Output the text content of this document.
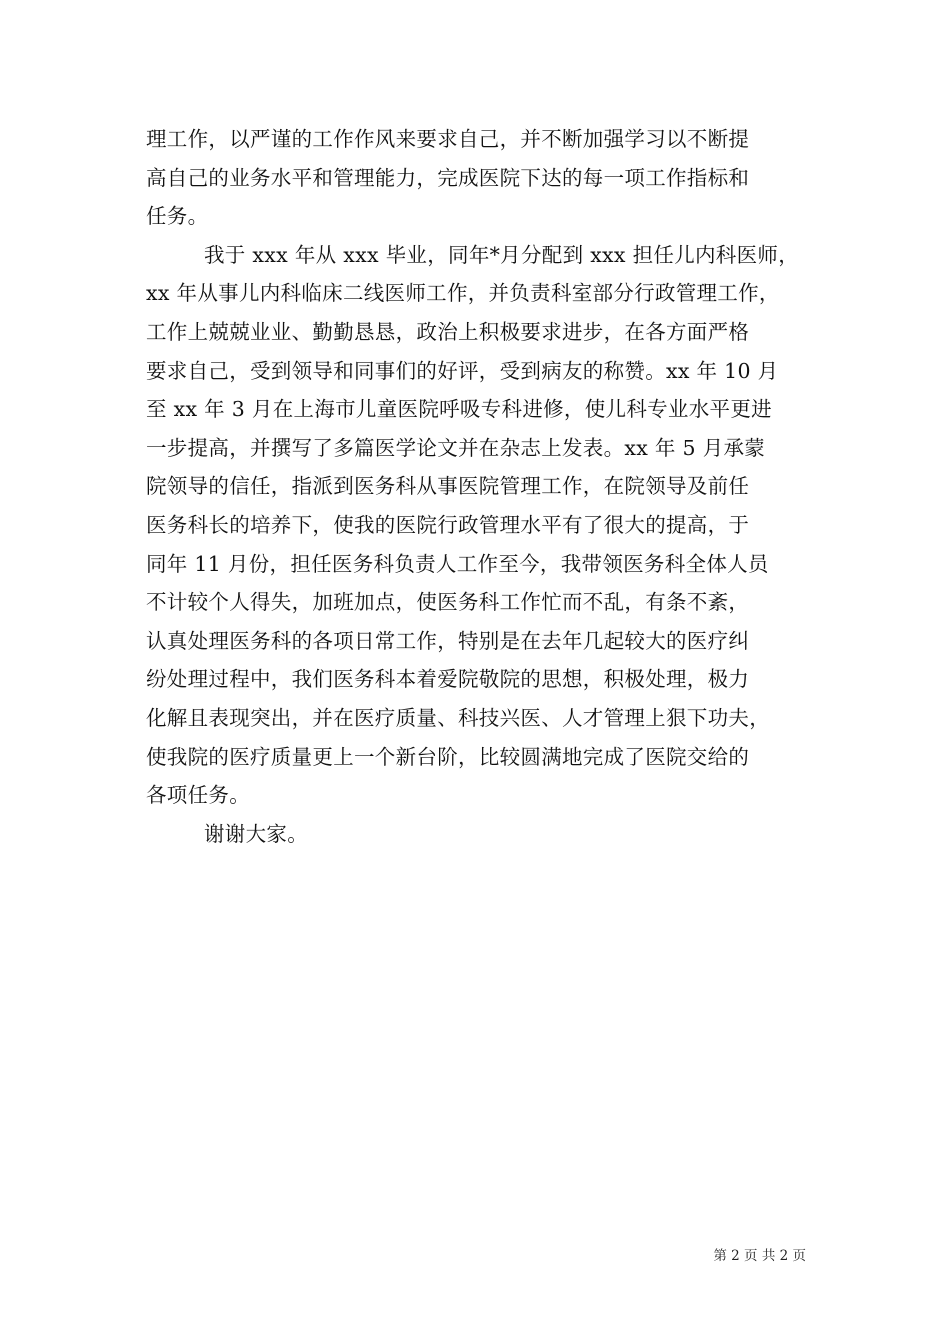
理工作，以严谨的工作作风来要求自己，并不断加强学习以不断提
高自己的业务水平和管理能力，完成医院下达的每一项工作指标和
任务。
我于 xxx 年从 xxx 毕业，同年*月分配到 xxx 担任儿内科医师，
xx 年从事儿内科临床二线医师工作，并负责科室部分行政管理工作，
工作上兢兢业业、勤勤恳恳，政治上积极要求进步，在各方面严格
要求自己，受到领导和同事们的好评，受到病友的称赞。xx 年 10 月
至 xx 年 3 月在上海市儿童医院呼吸专科进修，使儿科专业水平更进
一步提高，并撰写了多篇医学论文并在杂志上发表。xx 年 5 月承蒙
院领导的信任，指派到医务科从事医院管理工作，在院领导及前任
医务科长的培养下，使我的医院行政管理水平有了很大的提高，于
同年 11 月份，担任医务科负责人工作至今，我带领医务科全体人员
不计较个人得失，加班加点，使医务科工作忙而不乱，有条不紊，
认真处理医务科的各项日常工作，特别是在去年几起较大的医疗纠
纷处理过程中，我们医务科本着爱院敬院的思想，积极处理，极力
化解且表现突出，并在医疗质量、科技兴医、人才管理上狠下功夫，
使我院的医疗质量更上一个新台阶，比较圆满地完成了医院交给的
各项任务。
谢谢大家。
第 2 页 共 2 页
